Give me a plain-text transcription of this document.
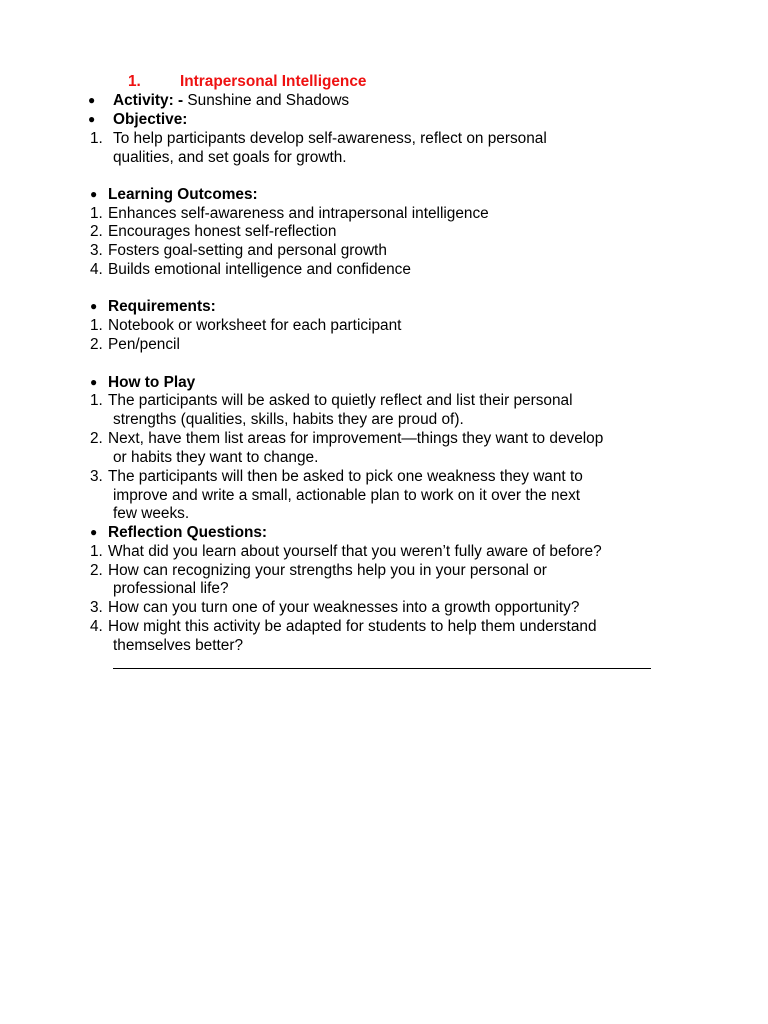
1.	Intrapersonal Intelligence
● Activity: - Sunshine and Shadows
● Objective:
1. To help participants develop self-awareness, reflect on personal
qualities, and set goals for growth.
● Learning Outcomes:
1. Enhances self-awareness and intrapersonal intelligence
2. Encourages honest self-reflection
3. Fosters goal-setting and personal growth
4. Builds emotional intelligence and confidence
● Requirements:
1. Notebook or worksheet for each participant
2. Pen/pencil
● How to Play
1. The participants will be asked to quietly reflect and list their personal
strengths (qualities, skills, habits they are proud of).
2. Next, have them list areas for improvement—things they want to develop
or habits they want to change.
3. The participants will then be asked to pick one weakness they want to
improve and write a small, actionable plan to work on it over the next
few weeks.
● Reflection Questions:
1. What did you learn about yourself that you weren’t fully aware of before?
2. How can recognizing your strengths help you in your personal or
professional life?
3. How can you turn one of your weaknesses into a growth opportunity?
4. How might this activity be adapted for students to help them understand
themselves better?
